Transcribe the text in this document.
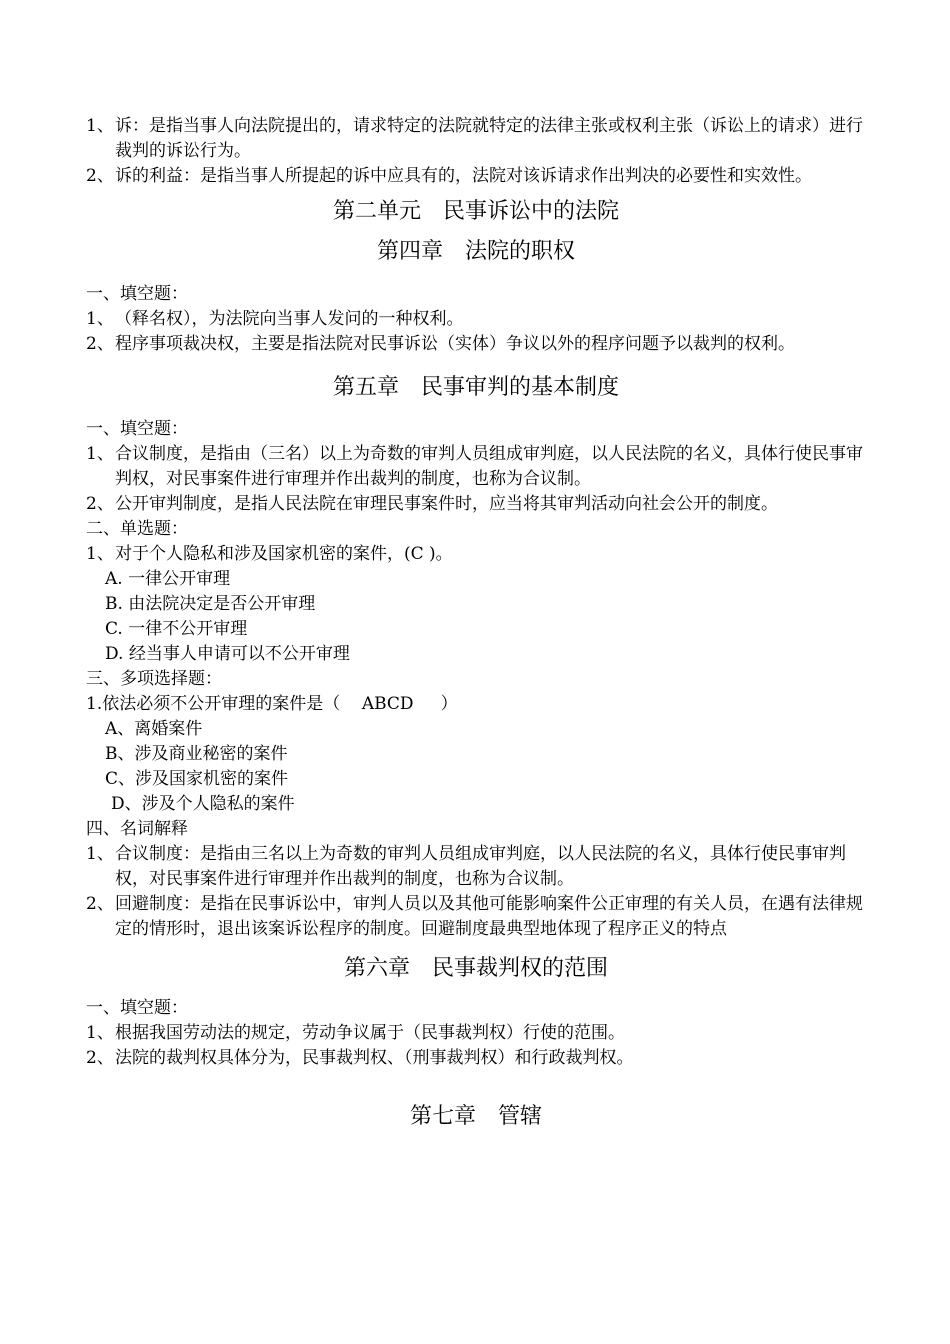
1、 诉：是指当事人向法院提出的，请求特定的法院就特定的法律主张或权利主张（诉讼上的请求）进行裁判的诉讼行为。
2、 诉的利益：是指当事人所提起的诉中应具有的，法院对该诉请求作出判决的必要性和实效性。
第二单元　民事诉讼中的法院
第四章　法院的职权
一、填空题：
1、 （释名权），为法院向当事人发问的一种权利。
2、 程序事项裁决权，主要是指法院对民事诉讼（实体）争议以外的程序问题予以裁判的权利。
第五章　民事审判的基本制度
一、填空题：
1、 合议制度，是指由（三名）以上为奇数的审判人员组成审判庭，以人民法院的名义，具体行使民事审判权，对民事案件进行审理并作出裁判的制度，也称为合议制。
2、 公开审判制度，是指人民法院在审理民事案件时，应当将其审判活动向社会公开的制度。
二、单选题：
1、 对于个人隐私和涉及国家机密的案件，(C )。
A. 一律公开审理
B. 由法院决定是否公开审理
C. 一律不公开审理
D. 经当事人申请可以不公开审理
三、多项选择题：
1.依法必须不公开审理的案件是（    ABCD     ）
A、离婚案件
B、涉及商业秘密的案件
C、涉及国家机密的案件
D、涉及个人隐私的案件
四、名词解释
1、 合议制度：是指由三名以上为奇数的审判人员组成审判庭，以人民法院的名义，具体行使民事审判权，对民事案件进行审理并作出裁判的制度，也称为合议制。
2、 回避制度：是指在民事诉讼中，审判人员以及其他可能影响案件公正审理的有关人员，在遇有法律规定的情形时，退出该案诉讼程序的制度。回避制度最典型地体现了程序正义的特点
第六章　民事裁判权的范围
一、填空题：
1、 根据我国劳动法的规定，劳动争议属于（民事裁判权）行使的范围。
2、 法院的裁判权具体分为，民事裁判权、（刑事裁判权）和行政裁判权。
第七章　管辖
